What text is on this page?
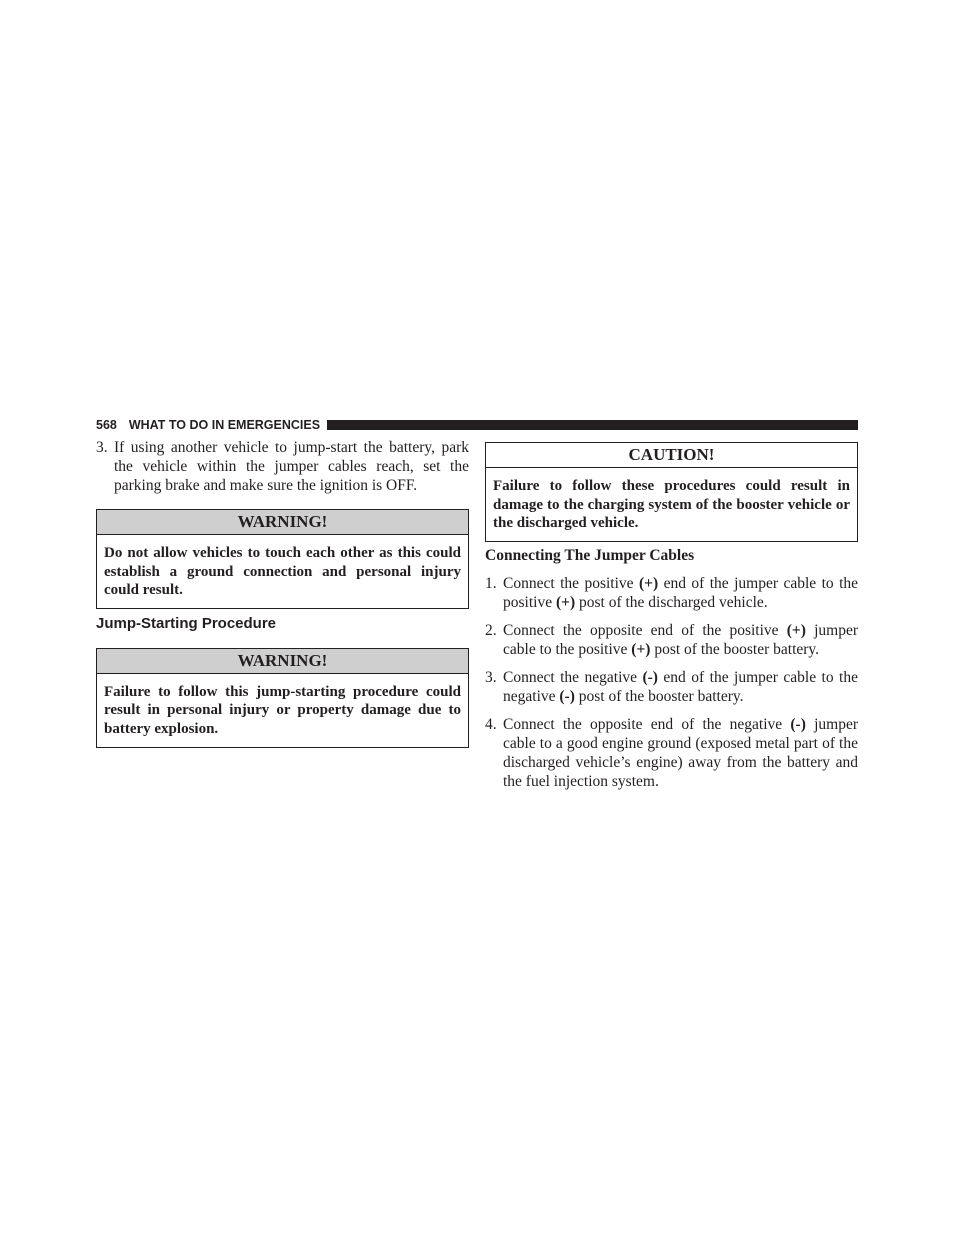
568 WHAT TO DO IN EMERGENCIES
3. If using another vehicle to jump-start the battery, park the vehicle within the jumper cables reach, set the parking brake and make sure the ignition is OFF.
WARNING!
Do not allow vehicles to touch each other as this could establish a ground connection and personal injury could result.
Jump-Starting Procedure
WARNING!
Failure to follow this jump-starting procedure could result in personal injury or property damage due to battery explosion.
CAUTION!
Failure to follow these procedures could result in damage to the charging system of the booster vehicle or the discharged vehicle.
Connecting The Jumper Cables
1. Connect the positive (+) end of the jumper cable to the positive (+) post of the discharged vehicle.
2. Connect the opposite end of the positive (+) jumper cable to the positive (+) post of the booster battery.
3. Connect the negative (-) end of the jumper cable to the negative (-) post of the booster battery.
4. Connect the opposite end of the negative (-) jumper cable to a good engine ground (exposed metal part of the discharged vehicle’s engine) away from the battery and the fuel injection system.
